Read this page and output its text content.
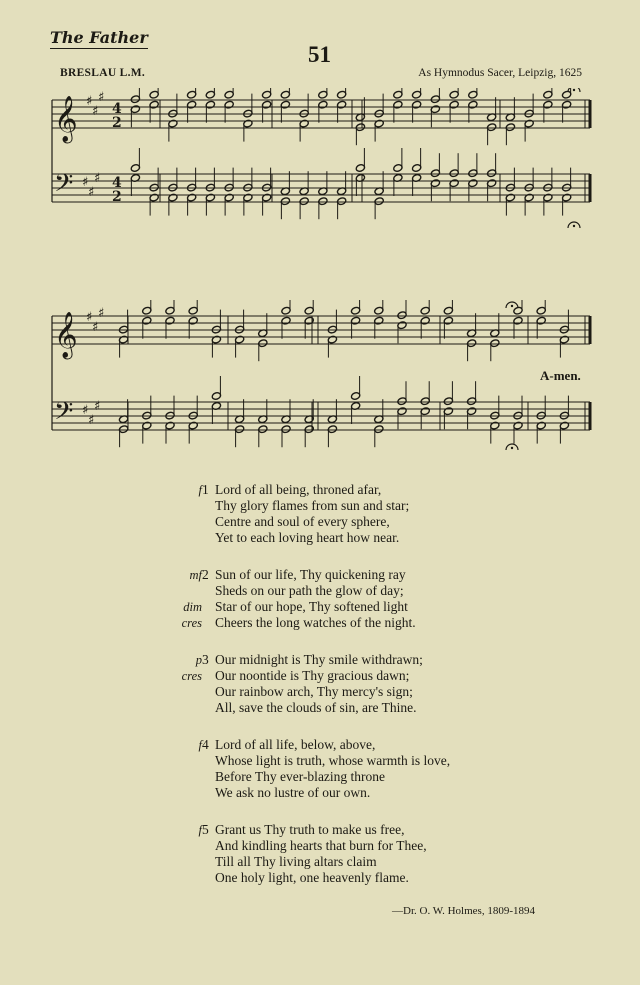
The Father
51
BRESLAU L.M.	As Hymnodus Sacer, Leipzig, 1625
♯
♯
♯
𝄞 4
2
♯
♯
♯
𝄢	4
2
♯
♯
♯
𝄞
♯
♯
♯
𝄢
A-men.
f 1 Lord of all being, throned afar,
Thy glory flames from sun and star;
Centre and soul of every sphere,
Yet to each loving heart how near.
mf 2 Sun of our life, Thy quickening ray
Sheds on our path the glow of day;
dim Star of our hope, Thy softened light
cres Cheers the long watches of the night.
p 3 Our midnight is Thy smile withdrawn;
cres Our noontide is Thy gracious dawn;
Our rainbow arch, Thy mercy's sign;
All, save the clouds of sin, are Thine.
f 4 Lord of all life, below, above,
Whose light is truth, whose warmth is love,
Before Thy ever-blazing throne
We ask no lustre of our own.
f 5 Grant us Thy truth to make us free,
And kindling hearts that burn for Thee,
Till all Thy living altars claim
One holy light, one heavenly flame.
—Dr. O. W. Holmes, 1809-1894
